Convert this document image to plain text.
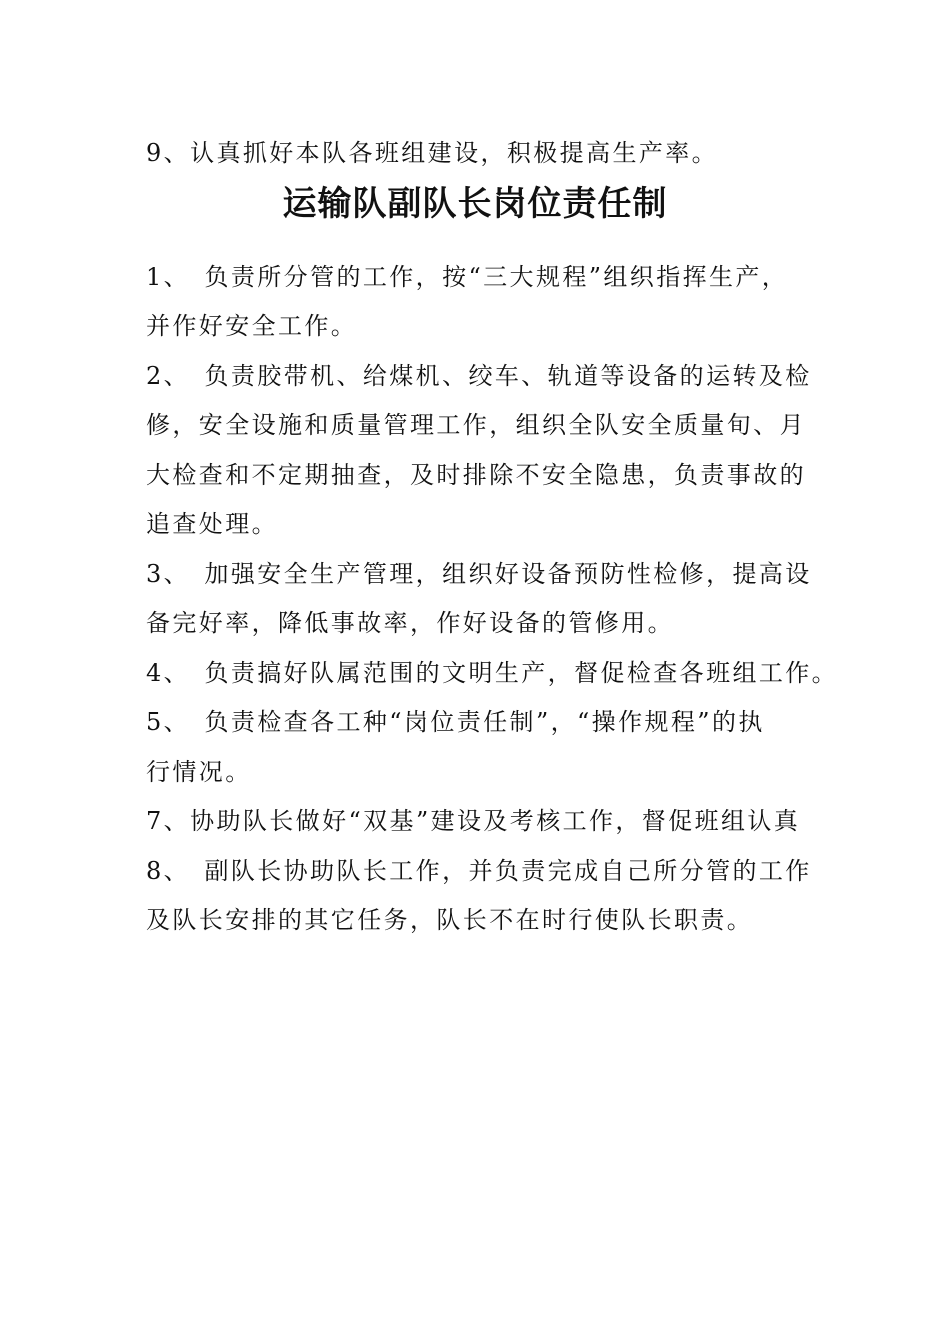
9、认真抓好本队各班组建设，积极提高生产率。
运输队副队长岗位责任制
1、　负责所分管的工作，按“三大规程”组织指挥生产，
并作好安全工作。
2、　负责胶带机、给煤机、绞车、轨道等设备的运转及检
修，安全设施和质量管理工作，组织全队安全质量旬、月
大检查和不定期抽查，及时排除不安全隐患，负责事故的
追查处理。
3、　加强安全生产管理，组织好设备预防性检修，提高设
备完好率，降低事故率，作好设备的管修用。
4、　负责搞好队属范围的文明生产，督促检查各班组工作。
5、　负责检查各工种“岗位责任制”，“操作规程”的执
行情况。
7、协助队长做好“双基”建设及考核工作，督促班组认真
8、　副队长协助队长工作，并负责完成自己所分管的工作
及队长安排的其它任务，队长不在时行使队长职责。
